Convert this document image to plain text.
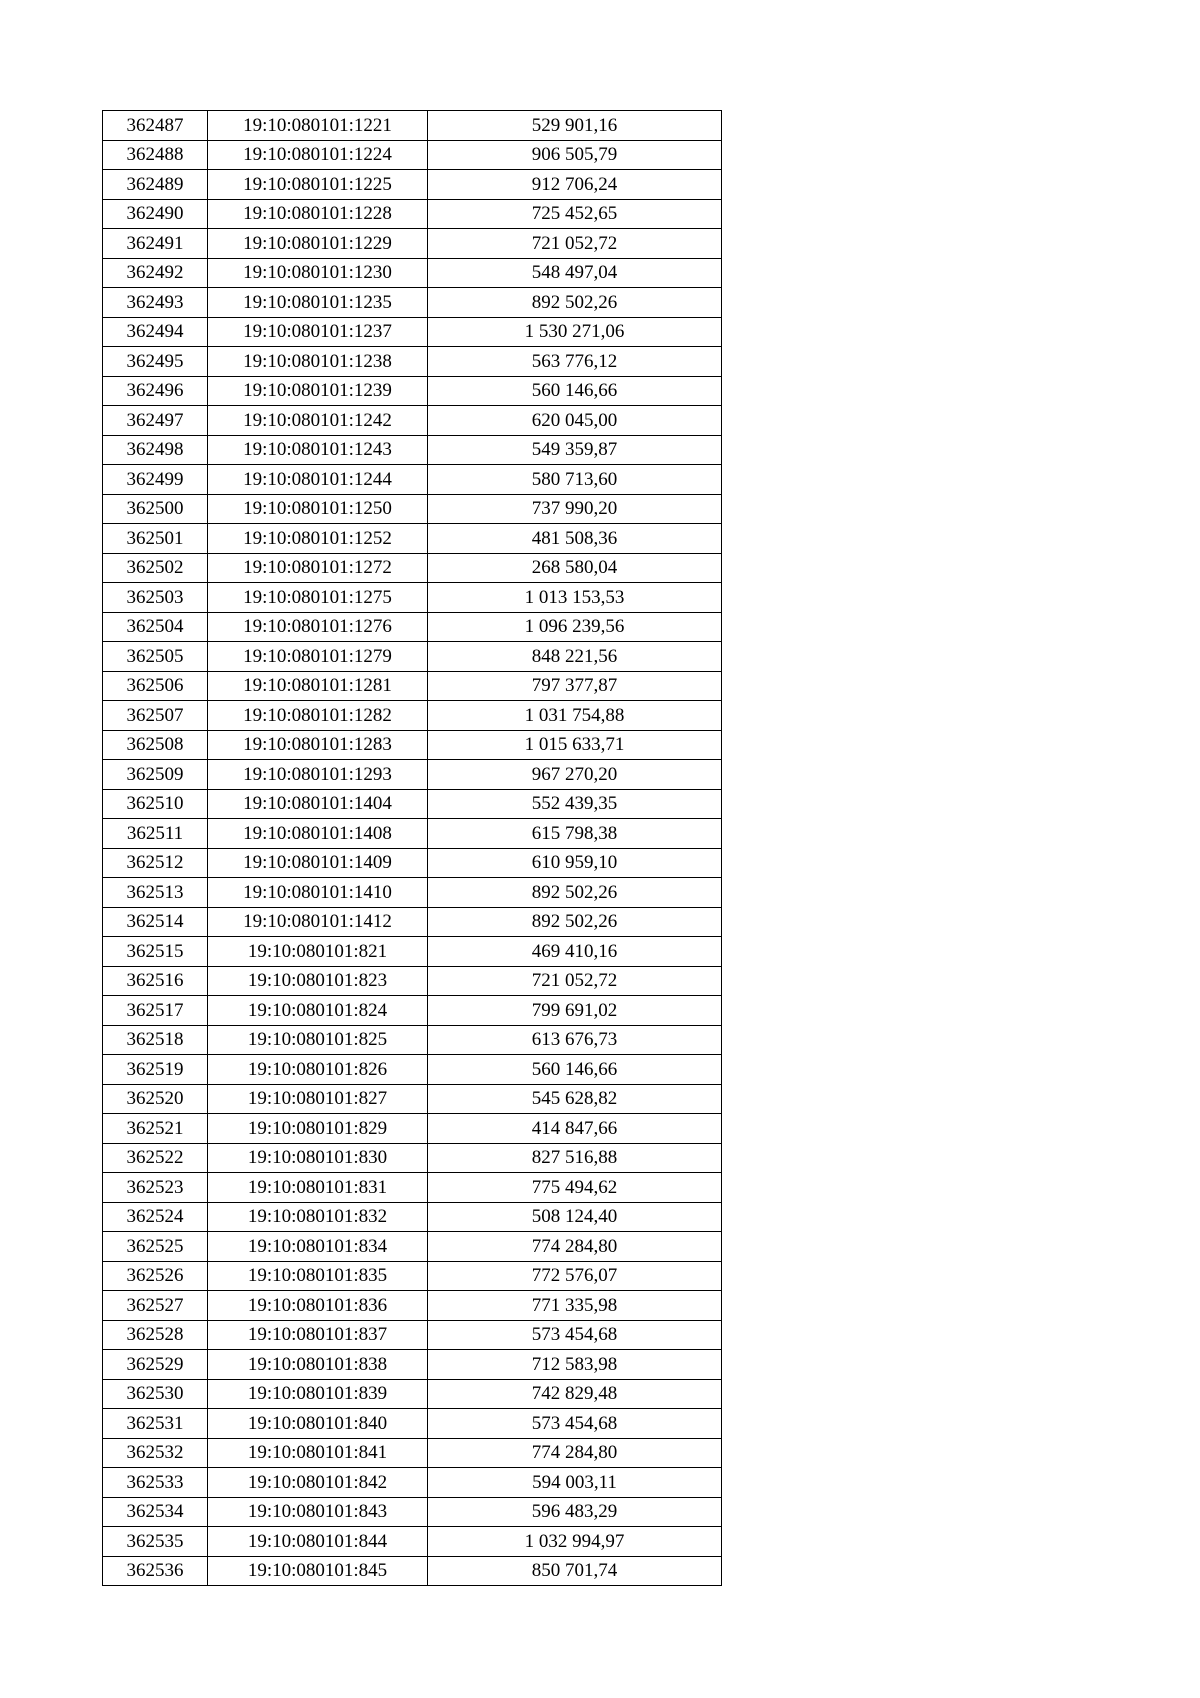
362487	19:10:080101:1221	529 901,16
362488	19:10:080101:1224	906 505,79
362489	19:10:080101:1225	912 706,24
362490	19:10:080101:1228	725 452,65
362491	19:10:080101:1229	721 052,72
362492	19:10:080101:1230	548 497,04
362493	19:10:080101:1235	892 502,26
362494	19:10:080101:1237	1 530 271,06
362495	19:10:080101:1238	563 776,12
362496	19:10:080101:1239	560 146,66
362497	19:10:080101:1242	620 045,00
362498	19:10:080101:1243	549 359,87
362499	19:10:080101:1244	580 713,60
362500	19:10:080101:1250	737 990,20
362501	19:10:080101:1252	481 508,36
362502	19:10:080101:1272	268 580,04
362503	19:10:080101:1275	1 013 153,53
362504	19:10:080101:1276	1 096 239,56
362505	19:10:080101:1279	848 221,56
362506	19:10:080101:1281	797 377,87
362507	19:10:080101:1282	1 031 754,88
362508	19:10:080101:1283	1 015 633,71
362509	19:10:080101:1293	967 270,20
362510	19:10:080101:1404	552 439,35
362511	19:10:080101:1408	615 798,38
362512	19:10:080101:1409	610 959,10
362513	19:10:080101:1410	892 502,26
362514	19:10:080101:1412	892 502,26
362515	19:10:080101:821	469 410,16
362516	19:10:080101:823	721 052,72
362517	19:10:080101:824	799 691,02
362518	19:10:080101:825	613 676,73
362519	19:10:080101:826	560 146,66
362520	19:10:080101:827	545 628,82
362521	19:10:080101:829	414 847,66
362522	19:10:080101:830	827 516,88
362523	19:10:080101:831	775 494,62
362524	19:10:080101:832	508 124,40
362525	19:10:080101:834	774 284,80
362526	19:10:080101:835	772 576,07
362527	19:10:080101:836	771 335,98
362528	19:10:080101:837	573 454,68
362529	19:10:080101:838	712 583,98
362530	19:10:080101:839	742 829,48
362531	19:10:080101:840	573 454,68
362532	19:10:080101:841	774 284,80
362533	19:10:080101:842	594 003,11
362534	19:10:080101:843	596 483,29
362535	19:10:080101:844	1 032 994,97
362536	19:10:080101:845	850 701,74
